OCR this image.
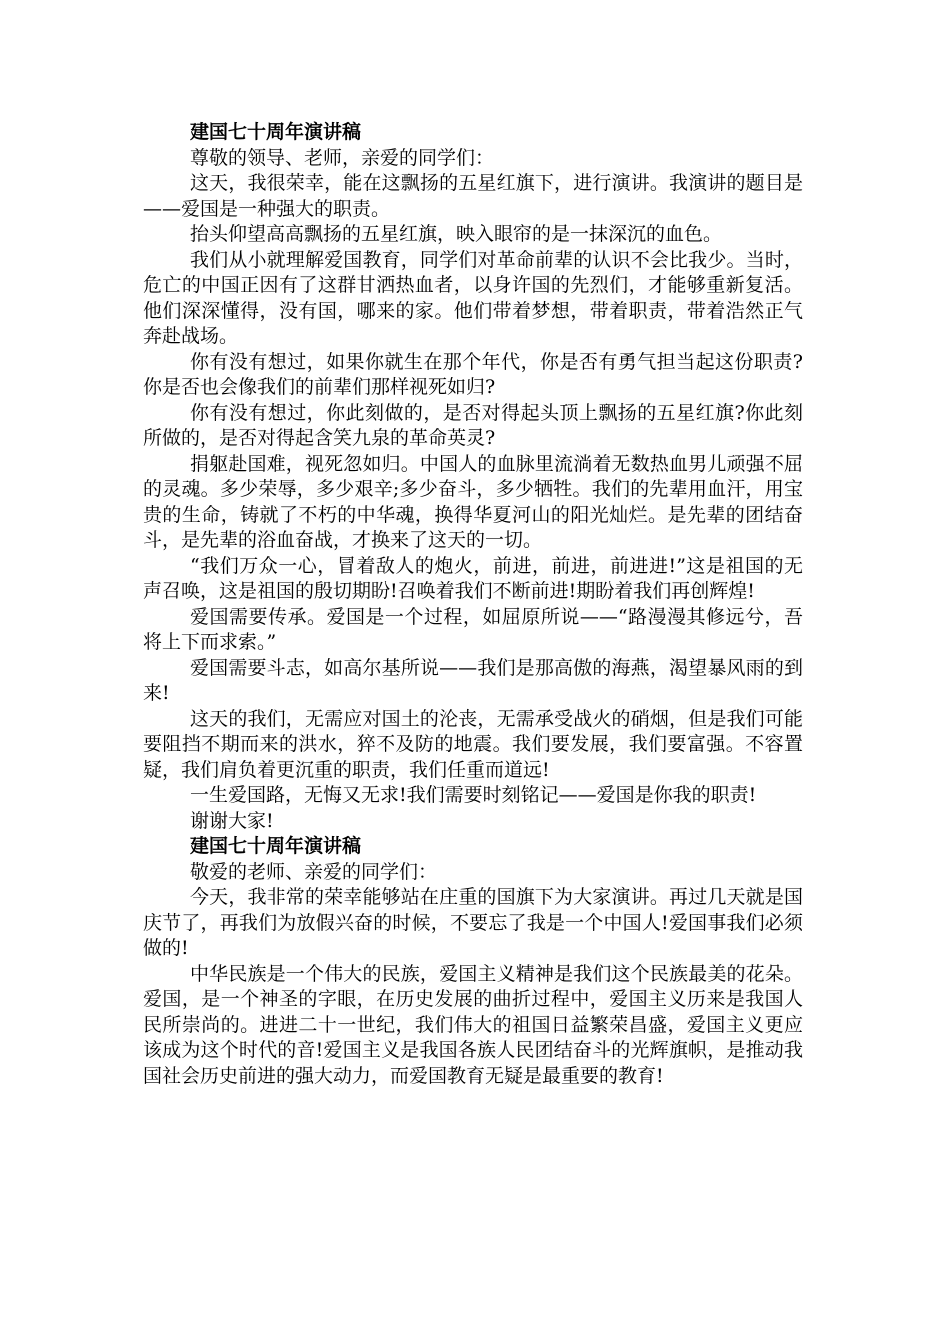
建国七十周年演讲稿

尊敬的领导、老师，亲爱的同学们：

这天，我很荣幸，能在这飘扬的五星红旗下，进行演讲。我演讲的题目是——爱国是一种强大的职责。

抬头仰望高高飘扬的五星红旗，映入眼帘的是一抹深沉的血色。

我们从小就理解爱国教育，同学们对革命前辈的认识不会比我少。当时，危亡的中国正因有了这群甘洒热血者，以身许国的先烈们，才能够重新复活。他们深深懂得，没有国，哪来的家。他们带着梦想，带着职责，带着浩然正气奔赴战场。

你有没有想过，如果你就生在那个年代，你是否有勇气担当起这份职责?你是否也会像我们的前辈们那样视死如归?

你有没有想过，你此刻做的，是否对得起头顶上飘扬的五星红旗?你此刻所做的，是否对得起含笑九泉的革命英灵?

捐躯赴国难，视死忽如归。中国人的血脉里流淌着无数热血男儿顽强不屈的灵魂。多少荣辱，多少艰辛;多少奋斗，多少牺牲。我们的先辈用血汗，用宝贵的生命，铸就了不朽的中华魂，换得华夏河山的阳光灿烂。是先辈的团结奋斗，是先辈的浴血奋战，才换来了这天的一切。

“我们万众一心，冒着敌人的炮火，前进，前进，前进进!”这是祖国的无声召唤，这是祖国的殷切期盼!召唤着我们不断前进!期盼着我们再创辉煌!

爱国需要传承。爱国是一个过程，如屈原所说——“路漫漫其修远兮，吾将上下而求索。”

爱国需要斗志，如高尔基所说——我们是那高傲的海燕，渴望暴风雨的到来!

这天的我们，无需应对国土的沦丧，无需承受战火的硝烟，但是我们可能要阻挡不期而来的洪水，猝不及防的地震。我们要发展，我们要富强。不容置疑，我们肩负着更沉重的职责，我们任重而道远!

一生爱国路，无悔又无求!我们需要时刻铭记——爱国是你我的职责!

谢谢大家!

建国七十周年演讲稿

敬爱的老师、亲爱的同学们：

今天，我非常的荣幸能够站在庄重的国旗下为大家演讲。再过几天就是国庆节了，再我们为放假兴奋的时候，不要忘了我是一个中国人!爱国事我们必须做的!

中华民族是一个伟大的民族，爱国主义精神是我们这个民族最美的花朵。爱国，是一个神圣的字眼，在历史发展的曲折过程中，爱国主义历来是我国人民所崇尚的。进进二十一世纪，我们伟大的祖国日益繁荣昌盛，爱国主义更应该成为这个时代的音!爱国主义是我国各族人民团结奋斗的光辉旗帜，是推动我国社会历史前进的强大动力，而爱国教育无疑是最重要的教育!
